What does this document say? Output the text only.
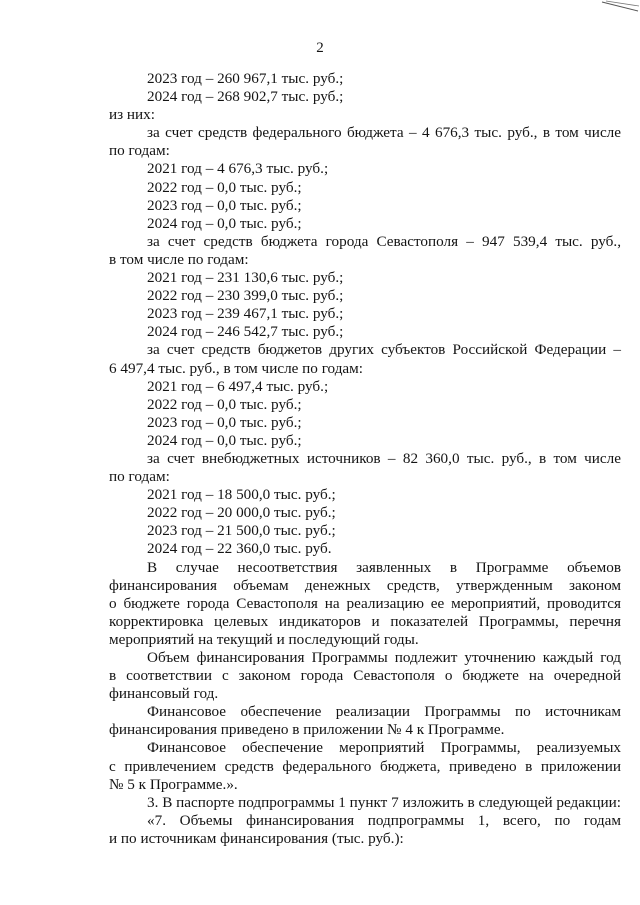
2
2023 год – 260 967,1 тыс. руб.;
2024 год – 268 902,7 тыс. руб.;
из них:
за счет средств федерального бюджета – 4 676,3 тыс. руб., в том числе
по годам:
2021 год – 4 676,3 тыс. руб.;
2022 год – 0,0 тыс. руб.;
2023 год – 0,0 тыс. руб.;
2024 год – 0,0 тыс. руб.;
за счет средств бюджета города Севастополя – 947 539,4 тыс. руб.,
в том числе по годам:
2021 год – 231 130,6 тыс. руб.;
2022 год – 230 399,0 тыс. руб.;
2023 год – 239 467,1 тыс. руб.;
2024 год – 246 542,7 тыс. руб.;
за счет средств бюджетов других субъектов Российской Федерации –
6 497,4 тыс. руб., в том числе по годам:
2021 год – 6 497,4 тыс. руб.;
2022 год – 0,0 тыс. руб.;
2023 год – 0,0 тыс. руб.;
2024 год – 0,0 тыс. руб.;
за счет внебюджетных источников – 82 360,0 тыс. руб., в том числе
по годам:
2021 год – 18 500,0 тыс. руб.;
2022 год – 20 000,0 тыс. руб.;
2023 год – 21 500,0 тыс. руб.;
2024 год – 22 360,0 тыс. руб.
В случае несоответствия заявленных в Программе объемов
финансирования объемам денежных средств, утвержденным законом
о бюджете города Севастополя на реализацию ее мероприятий, проводится
корректировка целевых индикаторов и показателей Программы, перечня
мероприятий на текущий и последующий годы.
Объем финансирования Программы подлежит уточнению каждый год
в соответствии с законом города Севастополя о бюджете на очередной
финансовый год.
Финансовое обеспечение реализации Программы по источникам
финансирования приведено в приложении № 4 к Программе.
Финансовое обеспечение мероприятий Программы, реализуемых
с привлечением средств федерального бюджета, приведено в приложении
№ 5 к Программе.».
3. В паспорте подпрограммы 1 пункт 7 изложить в следующей редакции:
«7. Объемы финансирования подпрограммы 1, всего, по годам
и по источникам финансирования (тыс. руб.):
